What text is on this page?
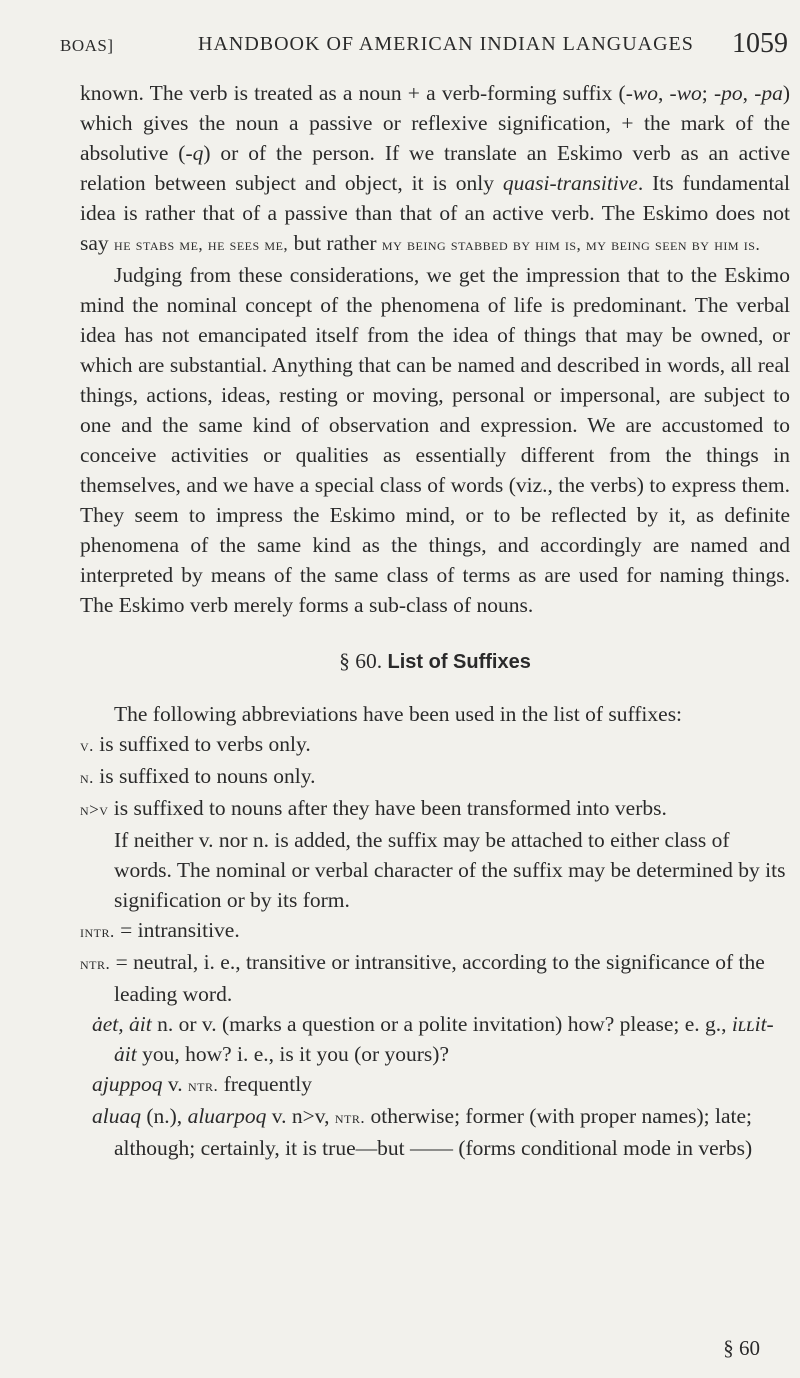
BOAS]	HANDBOOK OF AMERICAN INDIAN LANGUAGES 1059

known. The verb is treated as a noun + a verb-forming suffix (-wo, -wo; -po, -pa) which gives the noun a passive or reflexive signification, + the mark of the absolutive (-q) or of the person. If we translate an Eskimo verb as an active relation between subject and object, it is only quasi-transitive. Its fundamental idea is rather that of a passive than that of an active verb. The Eskimo does not say he stabs me, he sees me, but rather my being stabbed by him is, my being seen by him is.

Judging from these considerations, we get the impression that to the Eskimo mind the nominal concept of the phenomena of life is predominant. The verbal idea has not emancipated itself from the idea of things that may be owned, or which are substantial. Anything that can be named and described in words, all real things, actions, ideas, resting or moving, personal or impersonal, are subject to one and the same kind of observation and expression. We are accustomed to conceive activities or qualities as essentially different from the things in themselves, and we have a special class of words (viz., the verbs) to express them. They seem to impress the Eskimo mind, or to be reflected by it, as definite phenomena of the same kind as the things, and accordingly are named and interpreted by means of the same class of terms as are used for naming things. The Eskimo verb merely forms a sub-class of nouns.

§ 60. List of Suffixes

The following abbreviations have been used in the list of suffixes:

v. is suffixed to verbs only.

n. is suffixed to nouns only.

n>v is suffixed to nouns after they have been transformed into verbs.
If neither v. nor n. is added, the suffix may be attached to either class of words. The nominal or verbal character of the suffix may be determined by its signification or by its form.

intr. = intransitive.

ntr. = neutral, i. e., transitive or intransitive, according to the significance of the leading word.

ȧet, ȧit n. or v. (marks a question or a polite invitation) how? please; e. g., iʟʟit-ȧit you, how? i. e., is it you (or yours)?

ajuppoq v. ntr. frequently

aluaq (n.), aluarpoq v. n>v, ntr. otherwise; former (with proper names); late; although; certainly, it is true—but —— (forms conditional mode in verbs)

§ 60
